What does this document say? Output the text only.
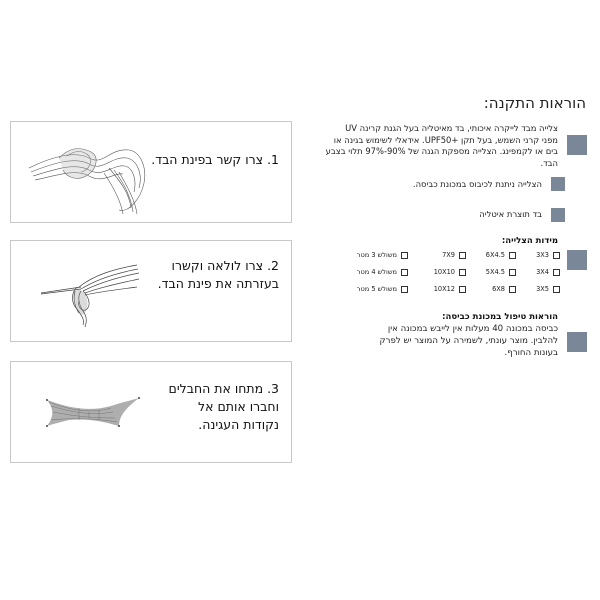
הוראות התקנה:
1. צרו קשר בפינת הבד.
2. צרו לולאה וקשרו
בעזרתה את פינת הבד.
3. מתחו את החבלים
וחברו אותם אל
נקודות העגינה.
צלייה מבד לייקרה איכותי, בד מאיטליה בעל הגנת קרינה UV
מפני קרני השמש, בעל תקן +UPF50. אידאלי לשימוש בגינה או
בים או לקמפינג. הצלייה מספקת הגנה של 90%-97% תלוי בצבע
הבד.
הצלייה ניתנת לכיבוס במכונת כביסה.
בד תוצרת איטליה
מידות הצלייה:
3X3
6X4.5
7X9
משולש 3 מטר
3X4
5X4.5
10X10
משולש 4 מטר
3X5
6X8
10X12
משולש 5 מטר
הוראות טיפול במכונת כביסה:
כביסה במכונה 40 מעלות אין לייבש במכונה אין
להלבין. מוצר עונתי, לשמירה על המוצר יש לפרק
בעונות החורף.
